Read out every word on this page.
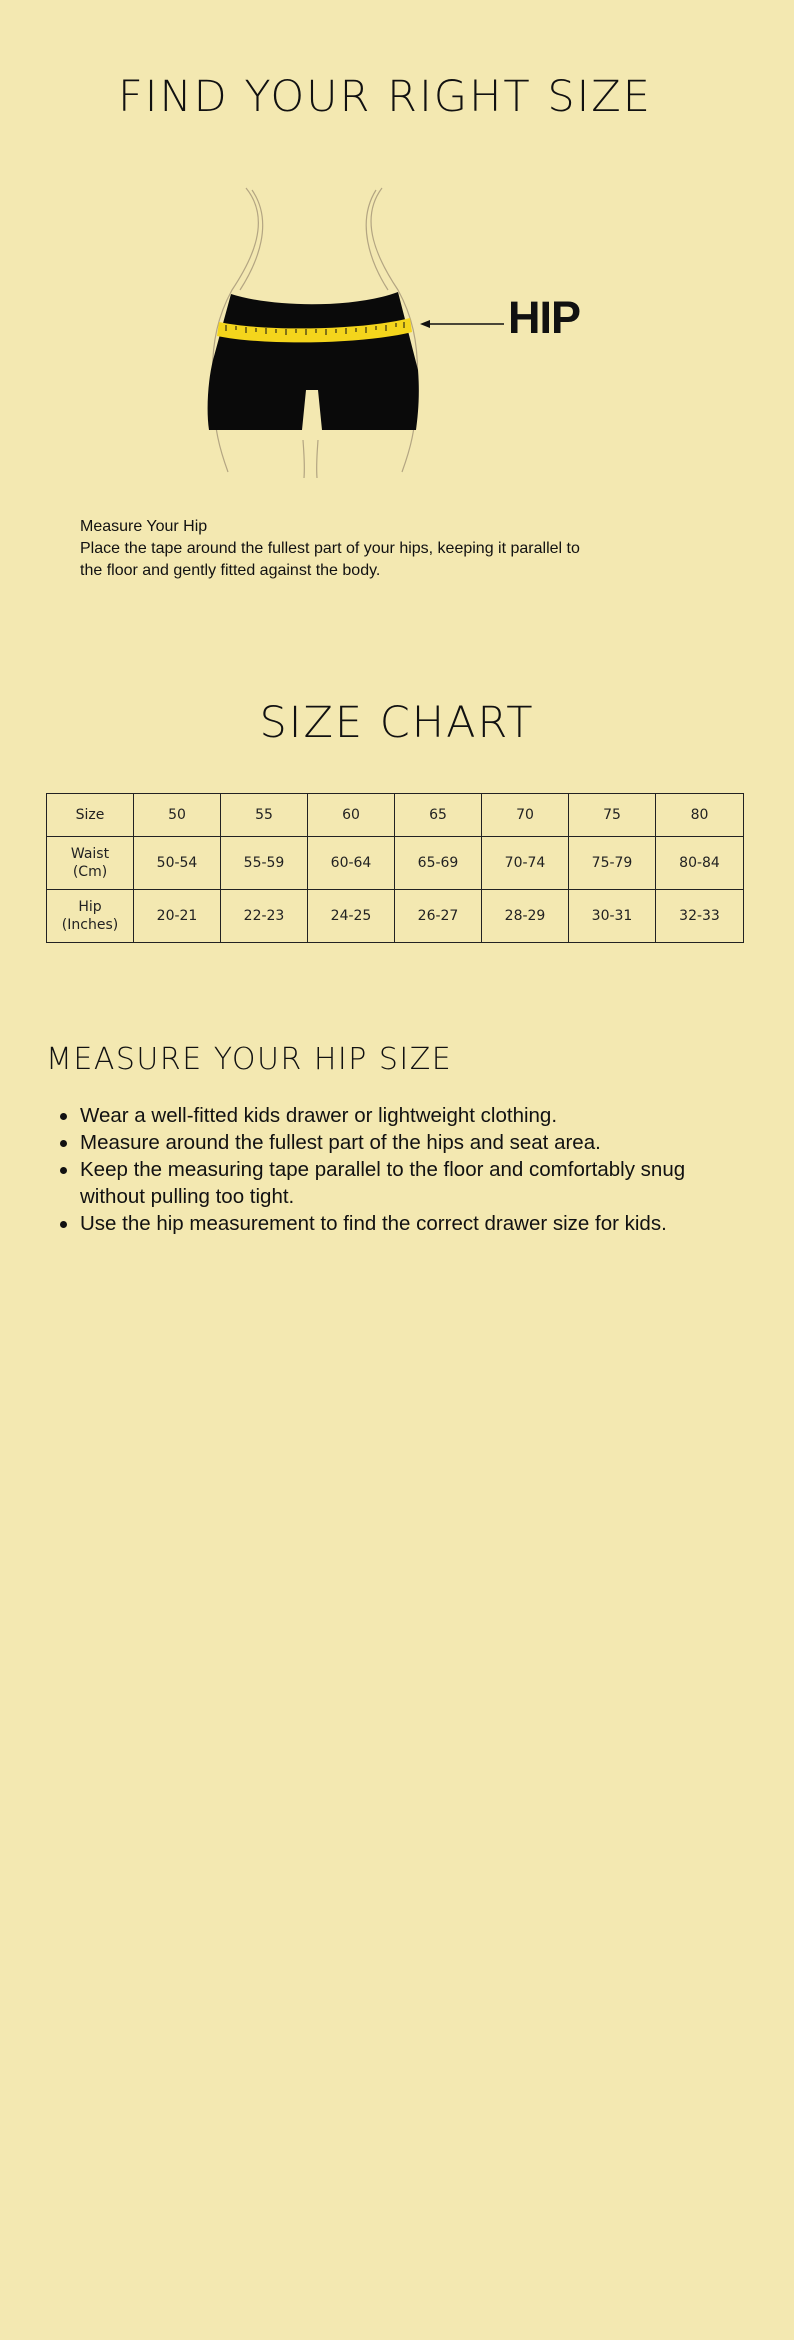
FIND YOUR RIGHT SIZE
HIP

Measure Your Hip

Place the tape around the fullest part of your hips, keeping it parallel to the floor and gently fitted against the body.

SIZE CHART
Size	50	55	60	65	70	75	80
Waist
(Cm)	50-54	55-59	60-64	65-69	70-74	75-79	80-84
Hip
(Inches)	20-21	22-23	24-25	26-27	28-29	30-31	32-33
MEASURE YOUR HIP SIZE
Wear a well-fitted kids drawer or lightweight clothing.
Measure around the fullest part of the hips and seat area.
Keep the measuring tape parallel to the floor and comfortably snug without pulling too tight.
Use the hip measurement to find the correct drawer size for kids.
